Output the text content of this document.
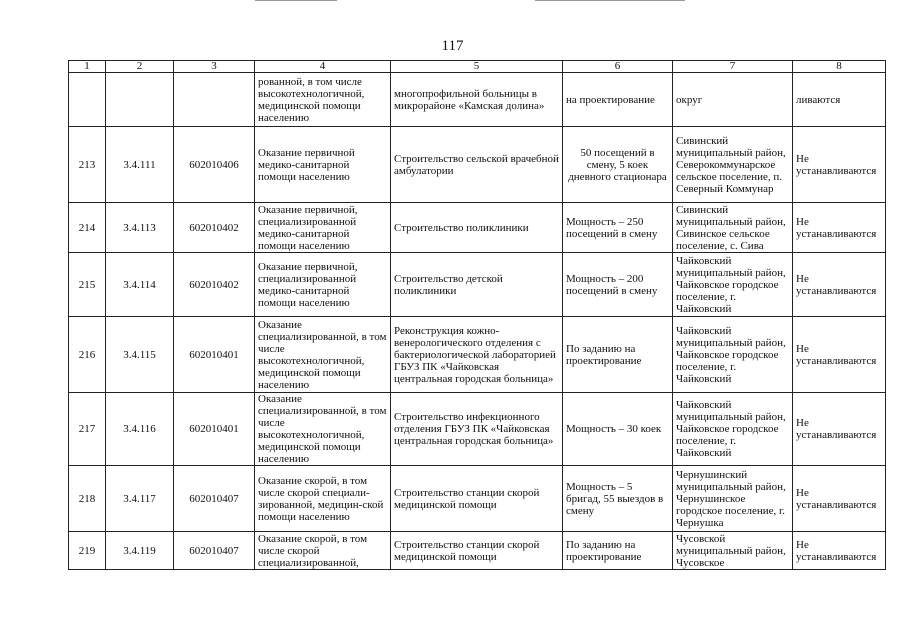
117
1	2	3	4	5	6	7	8
			рованной, в том числе высокотехнологичной, медицинской помощи населению	многопрофильной больницы в микрорайоне «Камская долина»	на проектирование	округ	ливаются
213	3.4.111	602010406	Оказание первичной медико-санитарной помощи населению	Строительство сельской врачебной амбулатории	50 посещений в смену, 5 коек дневного стационара	Сивинский муниципальный район, Северокоммунарское сельское поселение, п. Северный Коммунар	Не устанавливаются
214	3.4.113	602010402	Оказание первичной, специализированной медико-санитарной помощи населению	Строительство поликлиники	Мощность – 250 посещений в смену	Сивинский муниципальный район, Сивинское сельское поселение, с. Сива	Не устанавливаются
215	3.4.114	602010402	Оказание первичной, специализированной медико-санитарной помощи населению	Строительство детской поликлиники	Мощность – 200 посещений в смену	Чайковский муниципальный район, Чайковское городское поселение, г. Чайковский	Не устанавливаются
216	3.4.115	602010401	Оказание специализированной, в том числе высокотехнологичной, медицинской помощи населению	Реконструкция кожно-венерологического отделения с бактериологической лабораторией ГБУЗ ПК «Чайковская центральная городская больница»	По заданию на проектирование	Чайковский муниципальный район, Чайковское городское поселение, г. Чайковский	Не устанавливаются
217	3.4.116	602010401	Оказание специализированной, в том числе высокотехнологичной, медицинской помощи населению	Строительство инфекционного отделения ГБУЗ ПК «Чайковская центральная городская больница»	Мощность – 30 коек	Чайковский муниципальный район, Чайковское городское поселение, г. Чайковский	Не устанавливаются
218	3.4.117	602010407	Оказание скорой, в том числе скорой специали-зированной, медицин-ской помощи населению	Строительство станции скорой медицинской помощи	Мощность – 5 бригад, 55 выездов в смену	Чернушинский муниципальный район, Чернушинское городское поселение, г. Чернушка	Не устанавливаются
219	3.4.119	602010407	Оказание скорой, в том числе скорой специализированной,	Строительство станции скорой медицинской помощи	По заданию на проектирование	Чусовской муниципальный район, Чусовское	Не устанавливаются
